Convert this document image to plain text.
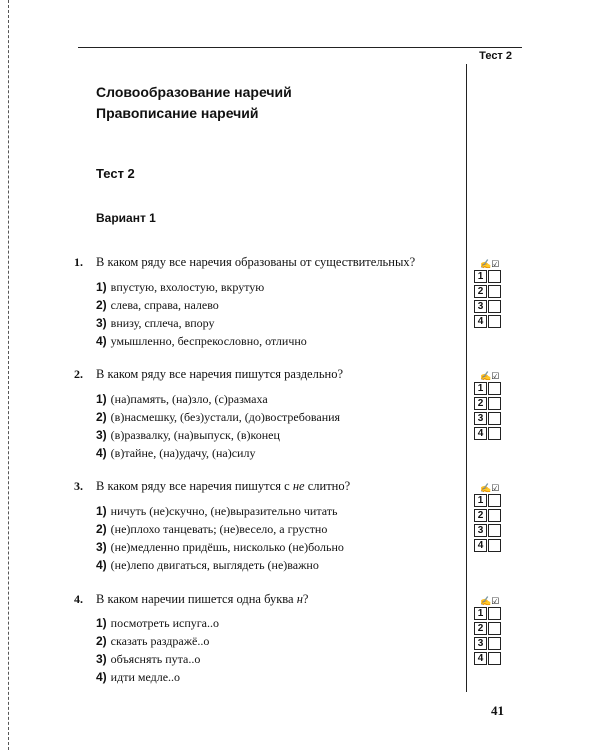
Тест 2
Словообразование наречий
Правописание наречий
Тест 2
Вариант 1
1. В каком ряду все наречия образованы от существительных?
1) впустую, вхолостую, вкрутую
2) слева, справа, налево
3) внизу, сплеча, впору
4) умышленно, беспрекословно, отлично
✍☑
1
2
3
4
2. В каком ряду все наречия пишутся раздельно?
1) (на)память, (на)зло, (с)размаха
2) (в)насмешку, (без)устали, (до)востребования
3) (в)развалку, (на)выпуск, (в)конец
4) (в)тайне, (на)удачу, (на)силу
✍☑
1
2
3
4
3. В каком ряду все наречия пишутся с не слитно?
1) ничуть (не)скучно, (не)выразительно читать
2) (не)плохо танцевать; (не)весело, а грустно
3) (не)медленно придёшь, нисколько (не)больно
4) (не)лепо двигаться, выглядеть (не)важно
✍☑
1
2
3
4
4. В каком наречии пишется одна буква н?
1) посмотреть испуга..о
2) сказать раздражё..о
3) объяснять пута..о
4) идти медле..о
✍☑
1
2
3
4
41
